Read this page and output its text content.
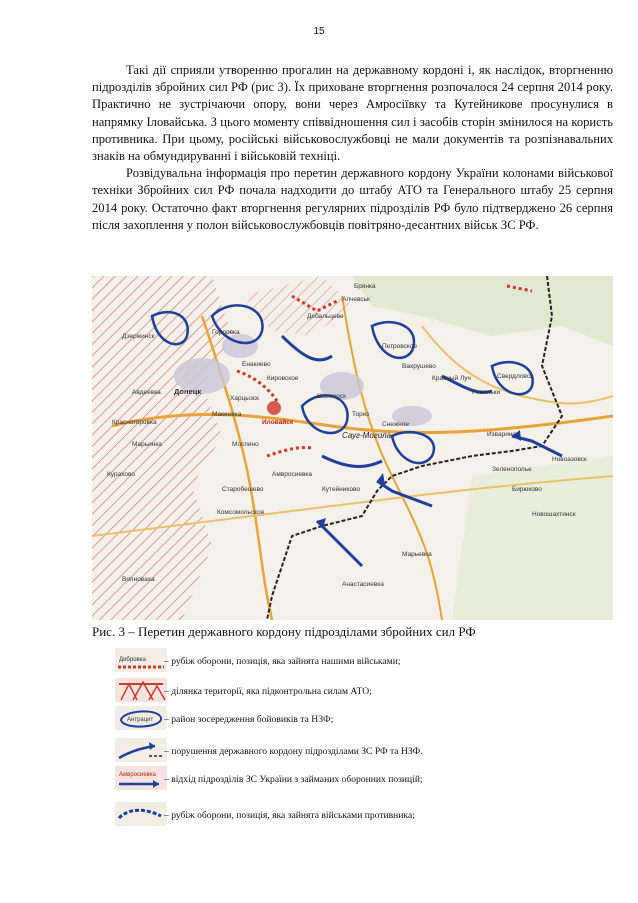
15

Такі дії сприяли утворенню прогалин на державному кордоні і, як наслідок, вторгненню підрозділів збройних сил РФ (рис 3). Їх приховане вторгнення розпочалося 24 серпня 2014 року. Практично не зустрічаючи опору, вони через Амросіївку та Кутейникове просунулися в напрямку Іловайська. З цього моменту співвідношення сил і засобів сторін змінилося на користь противника. При цьому, російські військовослужбовці не мали документів та розпізнавальних знаків на обмундируванні і військовій техніці.

Розвідувальна інформація про перетин державного кордону України колонами військової техніки Збройних сил РФ почала надходити до штабу АТО та Генерального штабу 25 серпня 2014 року. Остаточно факт вторгнення регулярних підрозділів РФ було підтверджено 26 серпня після захоплення у полон військовослужбовців повітряно-десантних військ ЗС РФ.

Брянка
Алчевськ
Дебальцеве
Горловка
Енакиево
Кировское
Петровское
Вахрушево
Красный Луч
Ровеньки
Свердловск
Донецк
Харцызск
Торез
Снежное
Шахтерск
Макеевка
Иловайск
Моспино
Амвросиевка
Марьинка
Волноваха
Новоазовск
Дзержинск
Авдеевка
Красногоровка
Курахово
Марьевка
Анастасиевка
Изварино
Зеленополье
Бирюково
Новошахтинск
Кутейниково
Старобешево
Комсомольское
Сауг-Могила
Рис. 3 – Перетин державного кордону підрозділами збройних сил РФ
Дибровка – рубіж оборони, позиція, яка зайнята нашими військами;
– ділянка території, яка підконтрольна силам АТО;
Антрацит – район зосередження бойовиків та НЗФ;
– порушення державного кордону підрозділами ЗС РФ та НЗФ.
Амвросиевка – відхід підрозділів ЗС України з займаних оборонних позицій;
– рубіж оборони, позиція, яка зайнята військами противника;
